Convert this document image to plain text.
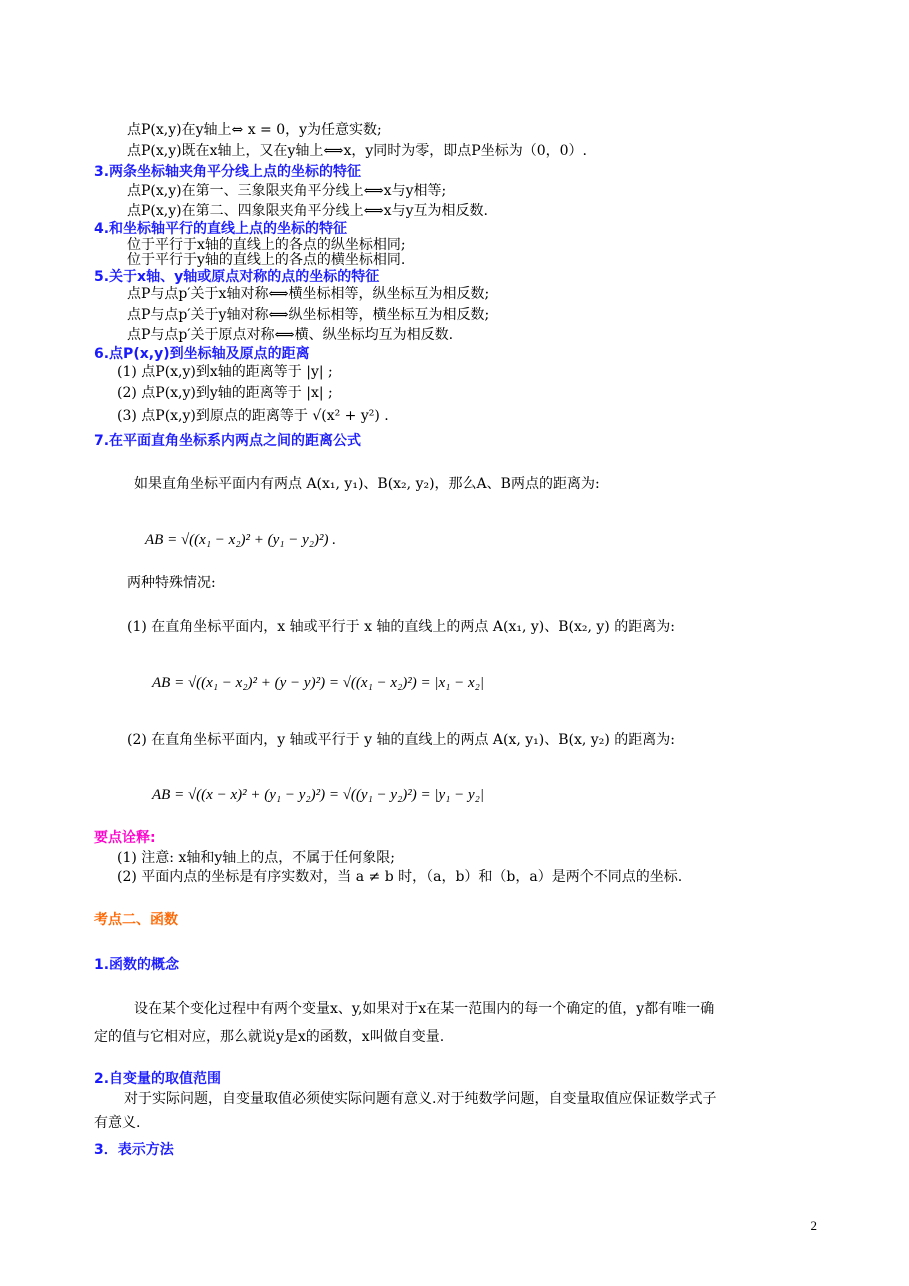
点P(x,y)在y轴上⇔ x = 0，y为任意实数;
点P(x,y)既在x轴上，又在y轴上⟺x，y同时为零，即点P坐标为（0，0）.
3.两条坐标轴夹角平分线上点的坐标的特征
点P(x,y)在第一、三象限夹角平分线上⟺x与y相等;
点P(x,y)在第二、四象限夹角平分线上⟺x与y互为相反数.
4.和坐标轴平行的直线上点的坐标的特征
位于平行于x轴的直线上的各点的纵坐标相同;
位于平行于y轴的直线上的各点的横坐标相同.
5.关于x轴、y轴或原点对称的点的坐标的特征
点P与点p′关于x轴对称⟺横坐标相等，纵坐标互为相反数;
点P与点p′关于y轴对称⟺纵坐标相等，横坐标互为相反数;
点P与点p′关于原点对称⟺横、纵坐标均互为相反数.
6.点P(x,y)到坐标轴及原点的距离
(1) 点P(x,y)到x轴的距离等于 |y| ;
(2) 点P(x,y)到y轴的距离等于 |x| ;
(3) 点P(x,y)到原点的距离等于 √(x² + y²) .
7.在平面直角坐标系内两点之间的距离公式
如果直角坐标平面内有两点 A(x₁, y₁)、B(x₂, y₂)，那么A、B两点的距离为:
AB = √((x₁ − x₂)² + (y₁ − y₂)²) .
两种特殊情况:
(1) 在直角坐标平面内，x 轴或平行于 x 轴的直线上的两点 A(x₁, y)、B(x₂, y) 的距离为:
AB = √((x₁ − x₂)² + (y − y)²) = √((x₁ − x₂)²) = |x₁ − x₂|
(2) 在直角坐标平面内，y 轴或平行于 y 轴的直线上的两点 A(x, y₁)、B(x, y₂) 的距离为:
AB = √((x − x)² + (y₁ − y₂)²) = √((y₁ − y₂)²) = |y₁ − y₂|
要点诠释:
(1) 注意: x轴和y轴上的点，不属于任何象限;
(2) 平面内点的坐标是有序实数对，当 a ≠ b 时，（a，b）和（b，a）是两个不同点的坐标.
考点二、函数
1.函数的概念
设在某个变化过程中有两个变量x、y,如果对于x在某一范围内的每一个确定的值，y都有唯一确
定的值与它相对应，那么就说y是x的函数，x叫做自变量.
2.自变量的取值范围
对于实际问题，自变量取值必须使实际问题有意义.对于纯数学问题，自变量取值应保证数学式子
有意义.
3．表示方法
2
